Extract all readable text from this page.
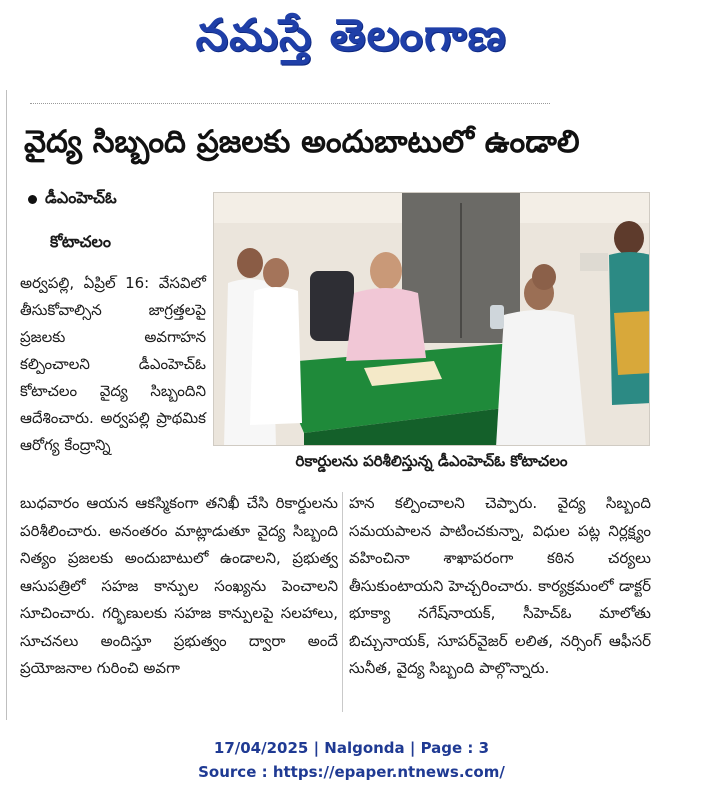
నమస్తే తెలంగాణ
వైద్య సిబ్బంది ప్రజలకు అందుబాటులో ఉండాలి
డీఎంహెచ్ఓ
కోటాచలం

అర్వపల్లి, ఏప్రిల్ 16: వేసవిలో తీసుకోవాల్సిన జాగ్రత్తలపై ప్రజలకు అవగాహన కల్పించాలని డీఎంహెచ్ఓ కోటాచలం వైద్య సిబ్బందిని ఆదేశించారు. అర్వపల్లి ప్రాథమిక ఆరోగ్య కేంద్రాన్ని

రికార్డులను పరిశీలిస్తున్న డీఎంహెచ్ఓ కోటాచలం
బుధవారం ఆయన ఆకస్మికంగా తనిఖీ చేసి రికార్డులను పరిశీలించారు. అనంతరం మాట్లాడుతూ వైద్య సిబ్బంది నిత్యం ప్రజలకు అందుబాటులో ఉండాలని, ప్రభుత్వ ఆసుపత్రిలో సహజ కాన్పుల సంఖ్యను పెంచాలని సూచించారు. గర్భిణులకు సహజ కాన్పులపై సలహాలు, సూచనలు అందిస్తూ ప్రభుత్వం ద్వారా అందే ప్రయోజనాల గురించి అవగా
హన కల్పించాలని చెప్పారు. వైద్య సిబ్బంది సమయపాలన పాటించకున్నా, విధుల పట్ల నిర్లక్ష్యం వహించినా శాఖాపరంగా కఠిన చర్యలు తీసుకుంటాయని హెచ్చరించారు. కార్యక్రమంలో డాక్టర్ భూక్యా నగేష్‌నాయక్, సీహెచ్ఓ మాలోతు బిచ్చునాయక్, సూపర్‌వైజర్ లలిత, నర్సింగ్ ఆఫీసర్ సునీత, వైద్య సిబ్బంది పాల్గొన్నారు.
17/04/2025 | Nalgonda | Page : 3
Source : https://epaper.ntnews.com/
